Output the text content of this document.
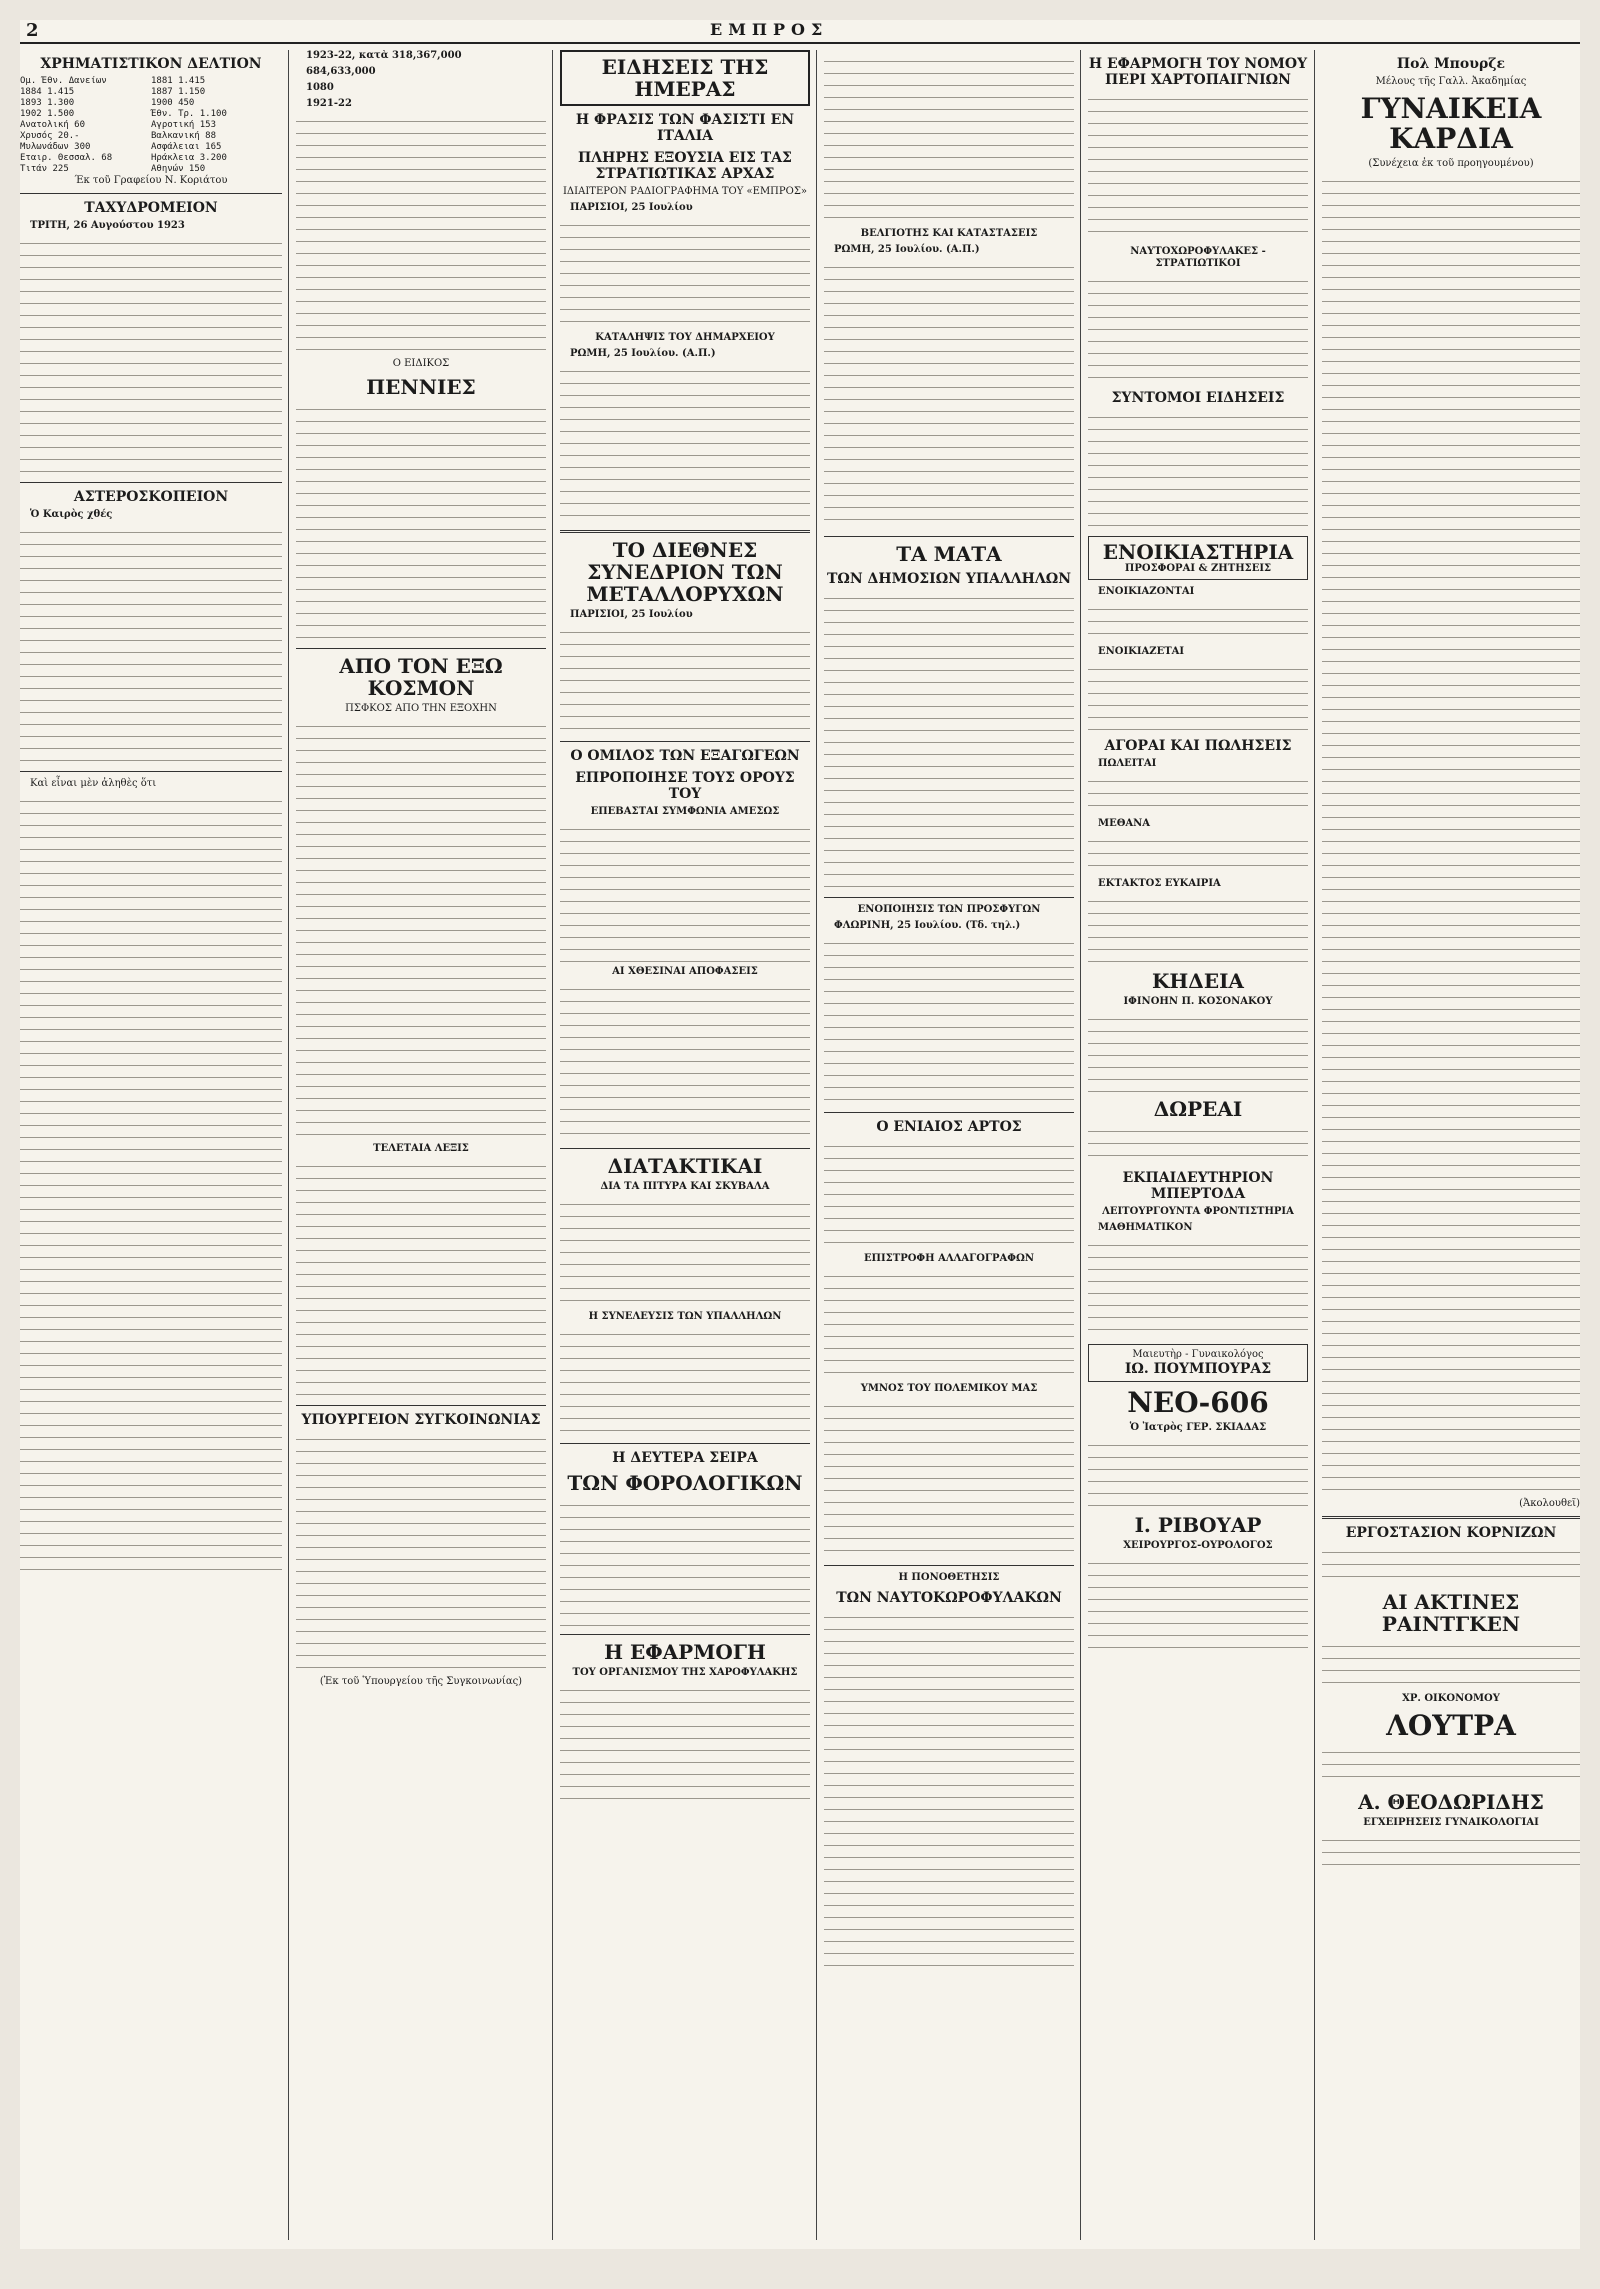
2	ΕΜΠΡΟΣ
ΧΡΗΜΑΤΙΣΤΙΚΟΝ ΔΕΛΤΙΟΝ
Ομ. Έθν. Δανείων	1881 1.415
1884 1.415	1887 1.150
1893 1.300	1900 450
1902 1.500	Έθν. Τρ. 1.100
Ανατολική 60	Αγροτική 153
Χρυσός 20.-	Βαλκανική 88
Μυλωνάδων 300	Ασφάλειαι 165
Εταιρ. Θεσσαλ. 68	Ηράκλεια 3.200
Τιτάν 225	Αθηνών 150
Έκ τοῦ Γραφείου Ν. Κοριάτου
ΤΑΧΥΔΡΟΜΕΙΟΝ
ΤΡΙΤΗ, 26 Αυγούστου 1923
ΑΣΤΕΡΟΣΚΟΠΕΙΟΝ
Ὁ Καιρὸς χθές
Καὶ εἶναι μὲν ἀληθὲς ὅτι
1923-22, κατὰ 318,367,000
684,633,000
1080
1921-22
Ο ΕΙΔΙΚΟΣ
ΠΕΝΝΙΕΣ
ΑΠΟ ΤΟΝ ΕΞΩ ΚΟΣΜΟΝ
ΠΣΦΚΟΣ ΑΠΟ ΤΗΝ ΕΞΟΧΗΝ
ΤΕΛΕΤΑΙΑ ΛΕΞΙΣ
ΥΠΟΥΡΓΕΙΟΝ ΣΥΓΚΟΙΝΩΝΙΑΣ
(Ἐκ τοῦ Ὑπουργείου τῆς Συγκοινωνίας)
ΕΙΔΗΣΕΙΣ ΤΗΣ ΗΜΕΡΑΣ
Η ΦΡΑΣΙΣ ΤΩΝ ΦΑΣΙΣΤΙ ΕΝ ΙΤΑΛΙΑ
ΠΛΗΡΗΣ ΕΞΟΥΣΙΑ ΕΙΣ ΤΑΣ ΣΤΡΑΤΙΩΤΙΚΑΣ ΑΡΧΑΣ
ΙΔΙΑΙΤΕΡΟΝ ΡΑΔΙΟΓΡΑΦΗΜΑ ΤΟΥ «ΕΜΠΡΟΣ»
ΠΑΡΙΣΙΟΙ, 25 Ιουλίου
ΚΑΤΑΛΗΨΙΣ ΤΟΥ ΔΗΜΑΡΧΕΙΟΥ
ΡΩΜΗ, 25 Ιουλίου. (Α.Π.)
ΤΟ ΔΙΕΘΝΕΣ ΣΥΝΕΔΡΙΟΝ ΤΩΝ ΜΕΤΑΛΛΟΡΥΧΩΝ
ΠΑΡΙΣΙΟΙ, 25 Ιουλίου
Ο ΟΜΙΛΟΣ ΤΩΝ ΕΞΑΓΩΓΕΩΝ
ΕΠΡΟΠΟΙΗΣΕ ΤΟΥΣ ΟΡΟΥΣ ΤΟΥ
ΕΠΕΒΑΣΤΑΙ ΣΥΜΦΩΝΙΑ ΑΜΕΣΩΣ
ΑΙ ΧΘΕΣΙΝΑΙ ΑΠΟΦΑΣΕΙΣ
ΔΙΑΤΑΚΤΙΚΑΙ
ΔΙΑ ΤΑ ΠΙΤΥΡΑ ΚΑΙ ΣΚΥΒΑΛΑ
Η ΣΥΝΕΛΕΥΣΙΣ ΤΩΝ ΥΠΑΛΛΗΛΩΝ
Η ΔΕΥΤΕΡΑ ΣΕΙΡΑ
ΤΩΝ ΦΟΡΟΛΟΓΙΚΩΝ
Η ΕΦΑΡΜΟΓΗ
ΤΟΥ ΟΡΓΑΝΙΣΜΟΥ ΤΗΣ ΧΑΡΟΦΥΛΑΚΗΣ
ΒΕΛΓΙΟΤΗΣ ΚΑΙ ΚΑΤΑΣΤΑΣΕΙΣ
ΡΩΜΗ, 25 Ιουλίου. (Α.Π.)
ΤΑ ΜΑΤΑ
ΤΩΝ ΔΗΜΟΣΙΩΝ ΥΠΑΛΛΗΛΩΝ
ΕΝΟΠΟΙΗΣΙΣ ΤΩΝ ΠΡΟΣΦΥΓΩΝ
ΦΛΩΡΙΝΗ, 25 Ιουλίου. (Τδ. τηλ.)
Ο ΕΝΙΑΙΟΣ ΑΡΤΟΣ
ΕΠΙΣΤΡΟΦΗ ΑΛΛΑΓΟΓΡΑΦΩΝ
ΥΜΝΟΣ ΤΟΥ ΠΟΛΕΜΙΚΟΥ ΜΑΣ
Η ΠΟΝΟΘΕΤΗΣΙΣ
ΤΩΝ ΝΑΥΤΟΚΩΡΟΦΥΛΑΚΩΝ
Η ΕΦΑΡΜΟΓΗ ΤΟΥ ΝΟΜΟΥ ΠΕΡΙ ΧΑΡΤΟΠΑΙΓΝΙΩΝ
ΝΑΥΤΟΧΩΡΟΦΥΛΑΚΕΣ - ΣΤΡΑΤΙΩΤΙΚΟΙ
ΣΥΝΤΟΜΟΙ ΕΙΔΗΣΕΙΣ
ΕΝΟΙΚΙΑΣΤΗΡΙΑ
ΠΡΟΣΦΟΡΑΙ & ΖΗΤΗΣΕΙΣ
ΕΝΟΙΚΙΑΖΟΝΤΑΙ
ΕΝΟΙΚΙΑΖΕΤΑΙ
ΑΓΟΡΑΙ ΚΑΙ ΠΩΛΗΣΕΙΣ
ΠΩΛΕΙΤΑΙ
ΜΕΘΑΝΑ
ΕΚΤΑΚΤΟΣ ΕΥΚΑΙΡΙΑ
ΚΗΔΕΙΑ
ΙΦΙΝΟΗΝ Π. ΚΟΣΟΝΑΚΟΥ
ΔΩΡΕΑΙ
ΕΚΠΑΙΔΕΥΤΗΡΙΟΝ ΜΠΕΡΤΟΔΑ
ΛΕΙΤΟΥΡΓΟΥΝΤΑ ΦΡΟΝΤΙΣΤΗΡΙΑ
ΜΑΘΗΜΑΤΙΚΟΝ
Μαιευτὴρ - Γυναικολόγος
ΙΩ. ΠΟΥΜΠΟΥΡΑΣ
ΝΕΟ-606
Ὁ Ἰατρὸς ΓΕΡ. ΣΚΙΑΔΑΣ
Ι. ΡΙΒΟΥΑΡ
ΧΕΙΡΟΥΡΓΟΣ-ΟΥΡΟΛΟΓΟΣ
Πολ Μπουρζε
Μέλους τῆς Γαλλ. Ἀκαδημίας
ΓΥΝΑΙΚΕΙΑ ΚΑΡΔΙΑ
(Συνέχεια ἐκ τοῦ προηγουμένου)
(Ἀκολουθεῖ)
ΕΡΓΟΣΤΑΣΙΟΝ ΚΟΡΝΙΖΩΝ
ΑΙ ΑΚΤΙΝΕΣ ΡΑΙΝΤΓΚΕΝ
ΧΡ. ΟΙΚΟΝΟΜΟΥ
ΛΟΥΤΡΑ
Α. ΘΕΟΔΩΡΙΔΗΣ
ΕΓΧΕΙΡΗΣΕΙΣ ΓΥΝΑΙΚΟΛΟΓΙΑΙ
